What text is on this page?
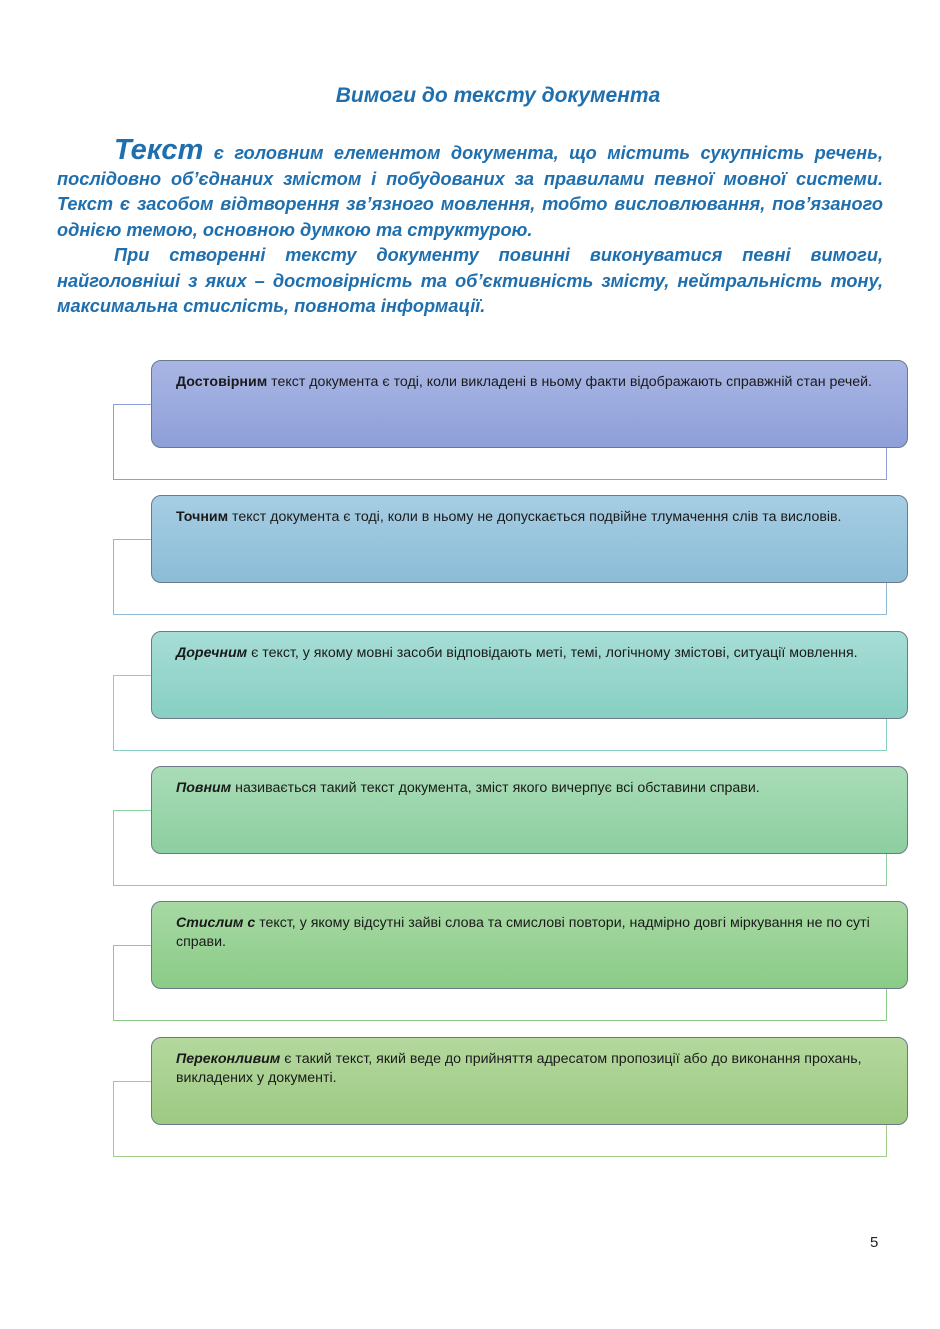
Вимоги до тексту документа

Текст є головним елементом документа, що містить сукупність речень, послідовно об’єднаних змістом і побудованих за правилами певної мовної системи. Текст є засобом відтворення зв’язного мовлення, тобто висловлювання, пов’язаного однією темою, основною думкою та структурою.

При створенні тексту документу повинні виконуватися певні вимоги, найголовніші з яких – достовірність та об’єктивність змісту, нейтральність тону, максимальна стислість, повнота інформації.

Достовірним текст документа є тоді, коли викладені в ньому факти відображають справжній стан речей.
Точним текст документа є тоді, коли в ньому не допускається подвійне тлумачення слів та висловів.
Доречним є текст, у якому мовні засоби відповідають меті, темі, логічному змістові, ситуації мовлення.
Повним називається такий текст документа, зміст якого вичерпує всі обставини справи.
Стислим с текст, у якому відсутні зайві слова та смислові повтори, надмірно довгі міркування не по суті справи.
Переконливим є такий текст, який веде до прийняття адресатом пропозиції або до виконання прохань, викладених у документі.
5
